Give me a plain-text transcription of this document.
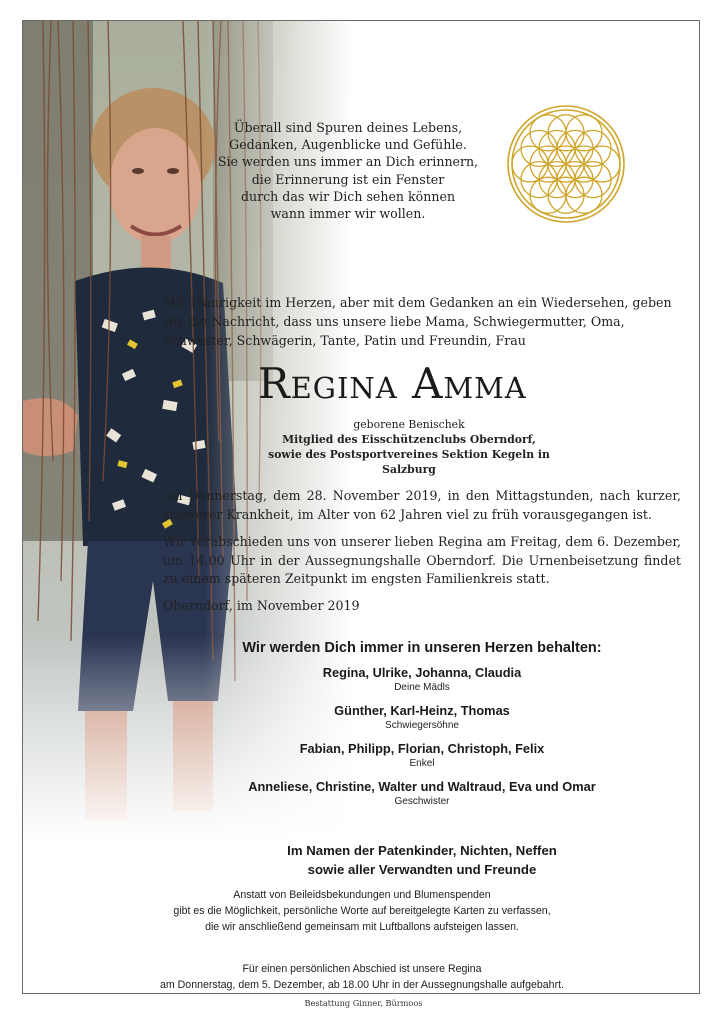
Überall sind Spuren deines Lebens,
Gedanken, Augenblicke und Gefühle.
Sie werden uns immer an Dich erinnern,
die Erinnerung ist ein Fenster
durch das wir Dich sehen können
wann immer wir wollen.
Mit Traurigkeit im Herzen, aber mit dem Gedanken an ein Wiedersehen, geben wir die Nachricht, dass uns unsere liebe Mama, Schwiegermutter, Oma, Schwester, Schwägerin, Tante, Patin und Freundin, Frau
Regina Amma
geborene Benischek
Mitglied des Eisschützenclubs Oberndorf,
sowie des Postsportvereines Sektion Kegeln in Salzburg
am Donnerstag, dem 28. November 2019, in den Mittagstunden, nach kurzer, schwerer Krankheit, im Alter von 62 Jahren viel zu früh vorausgegangen ist.
Wir verabschieden uns von unserer lieben Regina am Freitag, dem 6. Dezember, um 14.00 Uhr in der Aussegnungshalle Oberndorf. Die Urnenbeisetzung findet zu einem späteren Zeitpunkt im engsten Familienkreis statt.
Oberndorf, im November 2019
Wir werden Dich immer in unseren Herzen behalten:
Regina, Ulrike, Johanna, Claudia
Deine Mädls
Günther, Karl-Heinz, Thomas
Schwiegersöhne
Fabian, Philipp, Florian, Christoph, Felix
Enkel
Anneliese, Christine, Walter und Waltraud, Eva und Omar
Geschwister
Im Namen der Patenkinder, Nichten, Neffen
sowie aller Verwandten und Freunde
Anstatt von Beileidsbekundungen und Blumenspenden
gibt es die Möglichkeit, persönliche Worte auf bereitgelegte Karten zu verfassen,
die wir anschließend gemeinsam mit Luftballons aufsteigen lassen.
Für einen persönlichen Abschied ist unsere Regina
am Donnerstag, dem 5. Dezember, ab 18.00 Uhr in der Aussegnungshalle aufgebahrt.
Bestattung Ginner, Bürmoos
